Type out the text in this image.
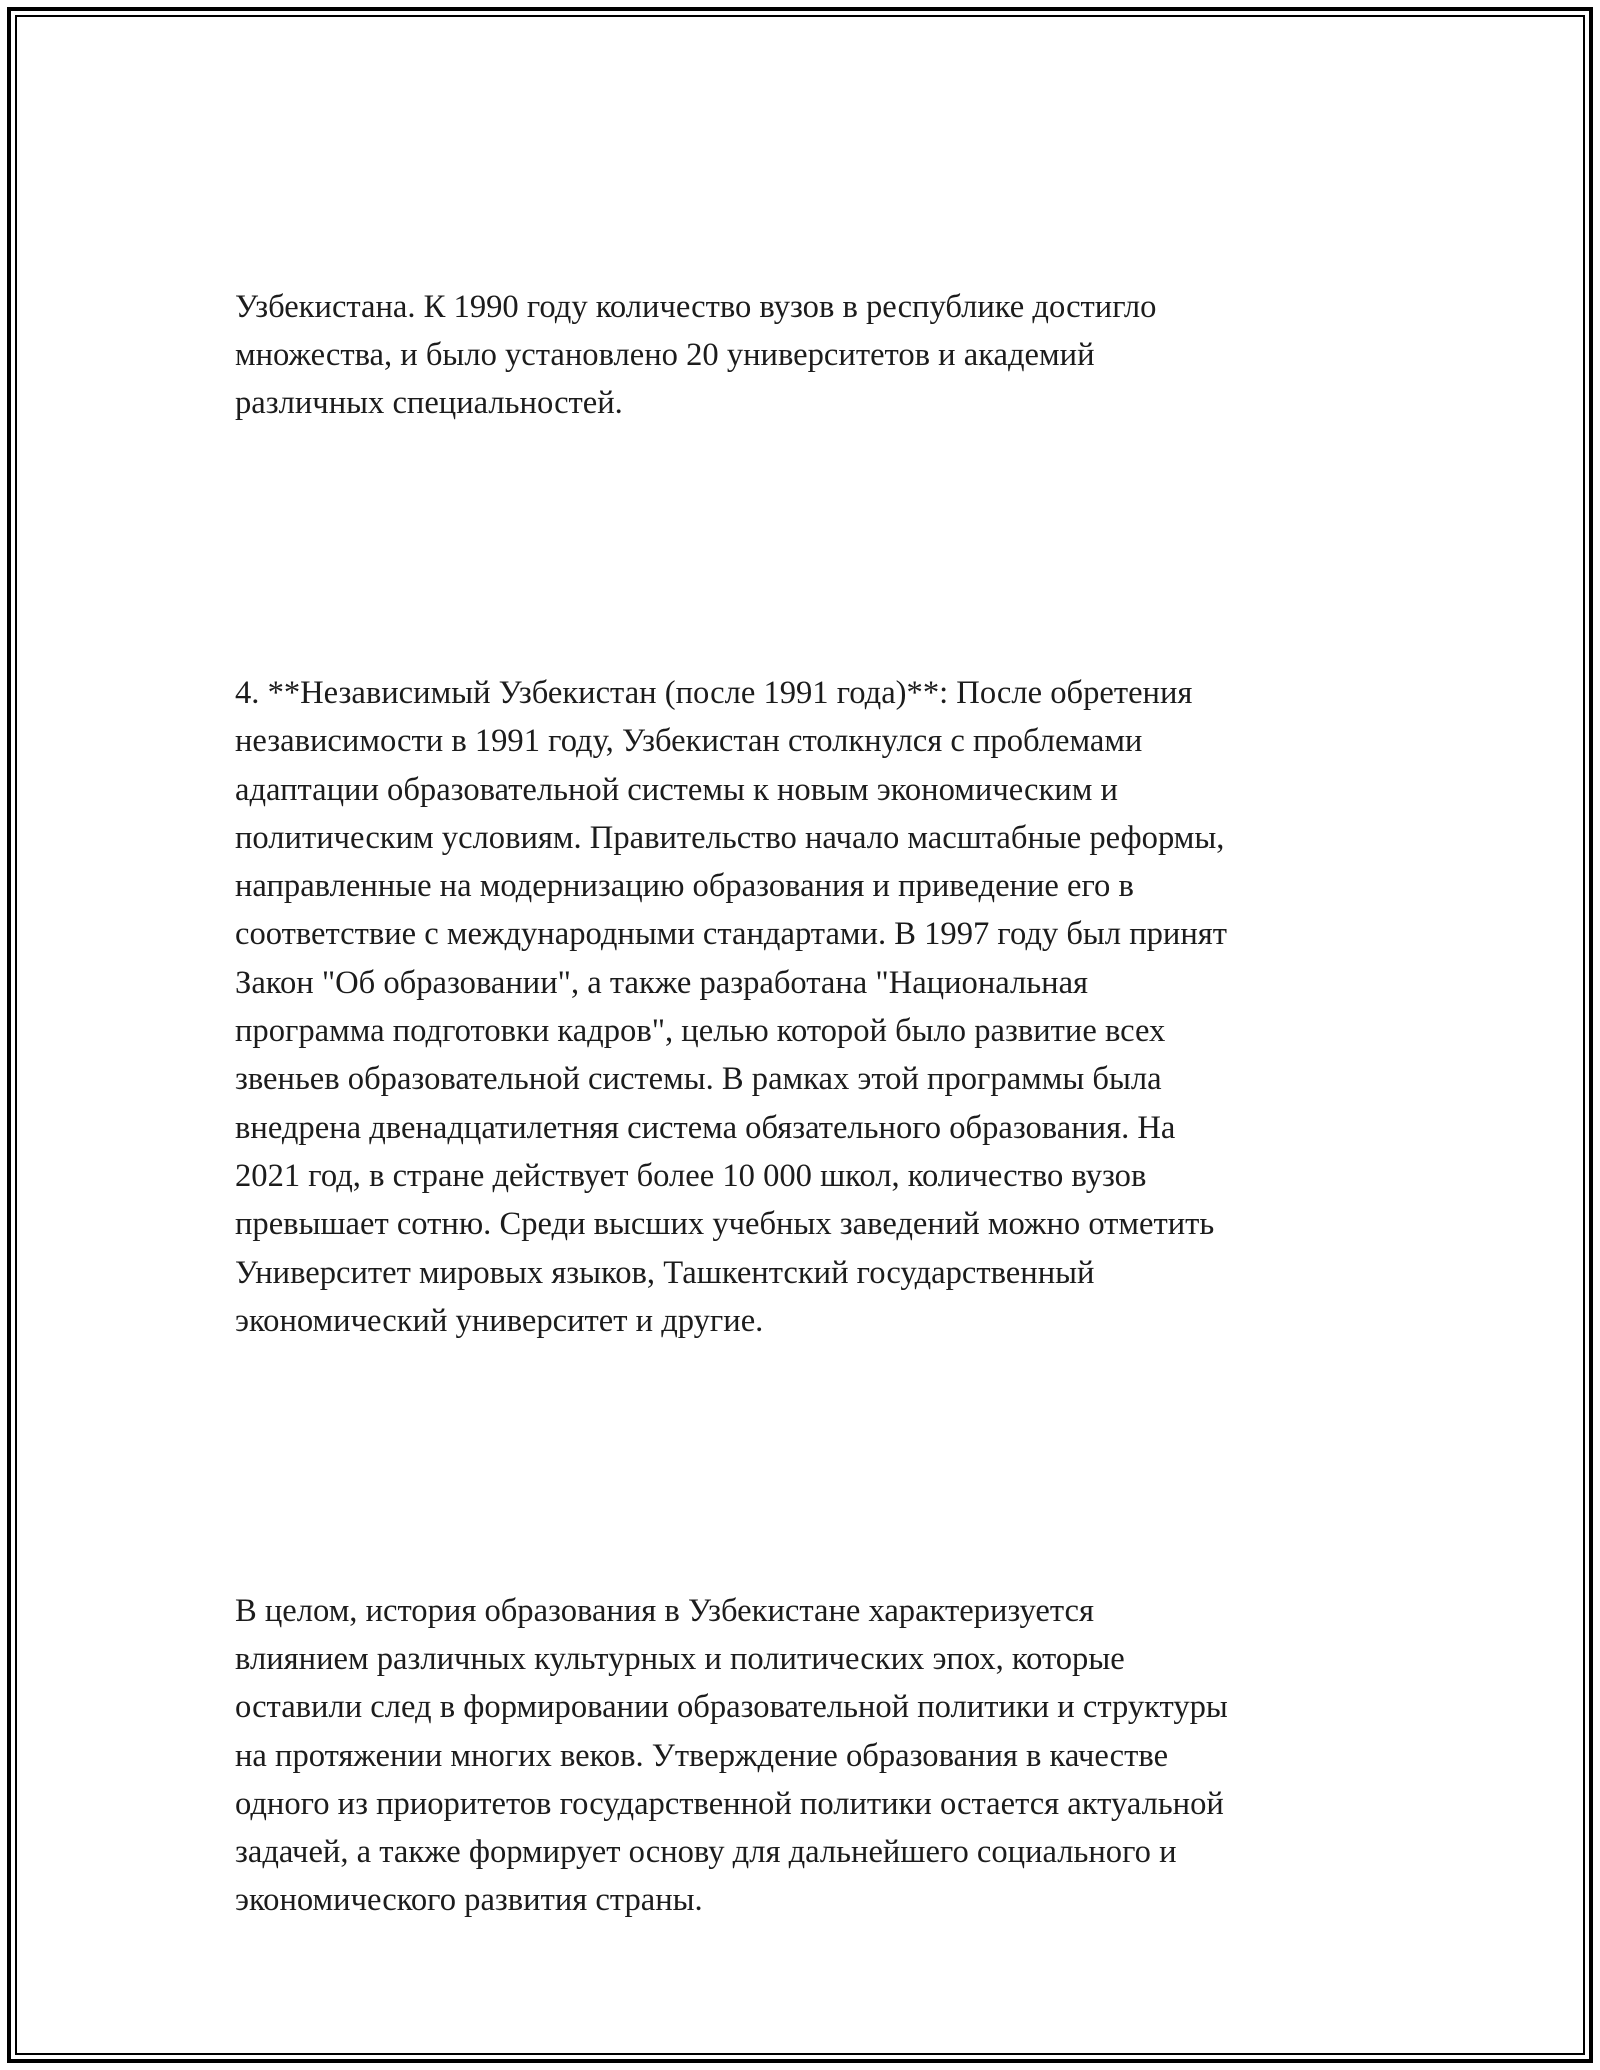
Узбекистана. К 1990 году количество вузов в республике достигло
множества, и было установлено 20 университетов и академий
различных специальностей.

4. **Независимый Узбекистан (после 1991 года)**: После обретения
независимости в 1991 году, Узбекистан столкнулся с проблемами
адаптации образовательной системы к новым экономическим и
политическим условиям. Правительство начало масштабные реформы,
направленные на модернизацию образования и приведение его в
соответствие с международными стандартами. В 1997 году был принят
Закон "Об образовании", а также разработана "Национальная
программа подготовки кадров", целью которой было развитие всех
звеньев образовательной системы. В рамках этой программы была
внедрена двенадцатилетняя система обязательного образования. На
2021 год, в стране действует более 10 000 школ, количество вузов
превышает сотню. Среди высших учебных заведений можно отметить
Университет мировых языков, Ташкентский государственный
экономический университет и другие.

В целом, история образования в Узбекистане характеризуется
влиянием различных культурных и политических эпох, которые
оставили след в формировании образовательной политики и структуры
на протяжении многих веков. Утверждение образования в качестве
одного из приоритетов государственной политики остается актуальной
задачей, а также формирует основу для дальнейшего социального и
экономического развития страны.
